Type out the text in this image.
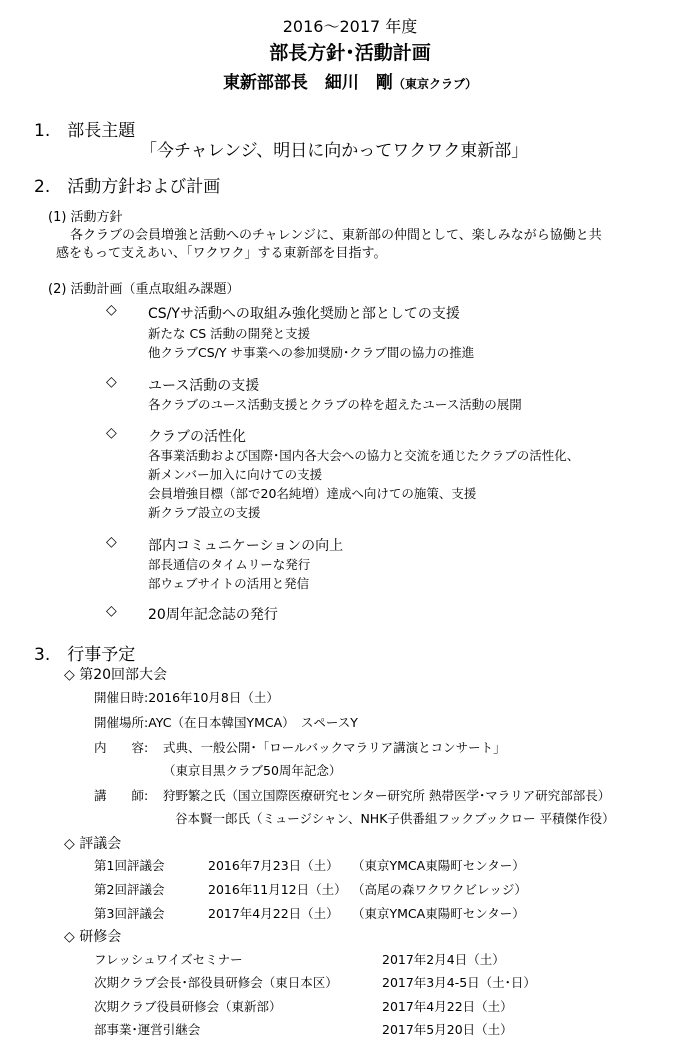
2016～2017 年度
部長方針･活動計画
東新部部長　細川　剛（東京クラブ）
1.　部長主題
「今チャレンジ、明日に向かってワクワク東新部」
2.　活動方針および計画
(1) 活動方針
各クラブの会員増強と活動へのチャレンジに、東新部の仲間として、楽しみながら協働と共
感をもって支えあい、「ワクワク」する東新部を目指す。
(2) 活動計画（重点取組み課題）
◇ CS/Yサ活動への取組み強化奨励と部としての支援
新たな CS 活動の開発と支援
他クラブCS/Y サ事業への参加奨励･クラブ間の協力の推進
◇ ユース活動の支援
各クラブのユース活動支援とクラブの枠を超えたユース活動の展開
◇ クラブの活性化
各事業活動および国際･国内各大会への協力と交流を通じたクラブの活性化、
新メンバー加入に向けての支援
会員増強目標（部で20名純増）達成へ向けての施策、支援
新クラブ設立の支援
◇ 部内コミュニケーションの向上
部長通信のタイムリーな発行
部ウェブサイトの活用と発信
◇ 20周年記念誌の発行
3.　行事予定
◇ 第20回部大会
開催日時:2016年10月8日（土）
開催場所:AYC（在日本韓国YMCA）　スペースY
内　　容: 式典、一般公開･「ロールバックマラリア講演とコンサート」
（東京目黒クラブ50周年記念）
講　　師: 狩野繁之氏（国立国際医療研究センター研究所 熱帯医学･マラリア研究部部長）
谷本賢一郎氏（ミュージシャン、NHK子供番組フックブックロー 平積傑作役）
◇ 評議会
第1回評議会	2016年7月23日（土） （東京YMCA東陽町センター）
第2回評議会	2016年11月12日（土） （高尾の森ワクワクビレッジ）
第3回評議会	2017年4月22日（土） （東京YMCA東陽町センター）
◇ 研修会
フレッシュワイズセミナー	2017年2月4日（土）
次期クラブ会長･部役員研修会（東日本区）	2017年3月4-5日（土･日）
次期クラブ役員研修会（東新部）	2017年4月22日（土）
部事業･運営引継会	2017年5月20日（土）
